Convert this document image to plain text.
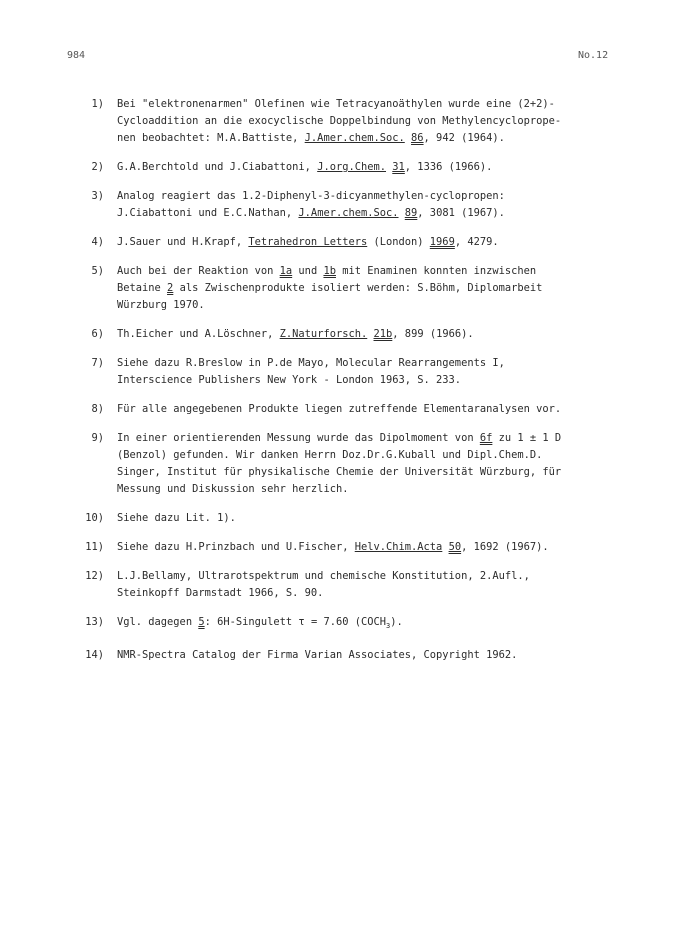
984	No.12
1) Bei "elektronenarmen" Olefinen wie Tetracyanoäthylen wurde eine (2+2)-
Cycloaddition an die exocyclische Doppelbindung von Methylencycloprope-
nen beobachtet: M.A.Battiste, J.Amer.chem.Soc. 86, 942 (1964).
2) G.A.Berchtold und J.Ciabattoni, J.org.Chem. 31, 1336 (1966).
3) Analog reagiert das 1.2-Diphenyl-3-dicyanmethylen-cyclopropen:
J.Ciabattoni und E.C.Nathan, J.Amer.chem.Soc. 89, 3081 (1967).
4) J.Sauer und H.Krapf, Tetrahedron Letters (London) 1969, 4279.
5) Auch bei der Reaktion von 1a und 1b mit Enaminen konnten inzwischen
Betaine 2 als Zwischenprodukte isoliert werden: S.Böhm, Diplomarbeit
Würzburg 1970.
6) Th.Eicher und A.Löschner, Z.Naturforsch. 21b, 899 (1966).
7) Siehe dazu R.Breslow in P.de Mayo, Molecular Rearrangements I,
Interscience Publishers New York - London 1963, S. 233.
8) Für alle angegebenen Produkte liegen zutreffende Elementaranalysen vor.
9) In einer orientierenden Messung wurde das Dipolmoment von 6f zu 1 ± 1 D
(Benzol) gefunden. Wir danken Herrn Doz.Dr.G.Kuball und Dipl.Chem.D.
Singer, Institut für physikalische Chemie der Universität Würzburg, für
Messung und Diskussion sehr herzlich.
10) Siehe dazu Lit. 1).
11) Siehe dazu H.Prinzbach und U.Fischer, Helv.Chim.Acta 50, 1692 (1967).
12) L.J.Bellamy, Ultrarotspektrum und chemische Konstitution, 2.Aufl.,
Steinkopff Darmstadt 1966, S. 90.
13) Vgl. dagegen 5: 6H-Singulett τ = 7.60 $(COCH_3)$.
14) NMR-Spectra Catalog der Firma Varian Associates, Copyright 1962.
